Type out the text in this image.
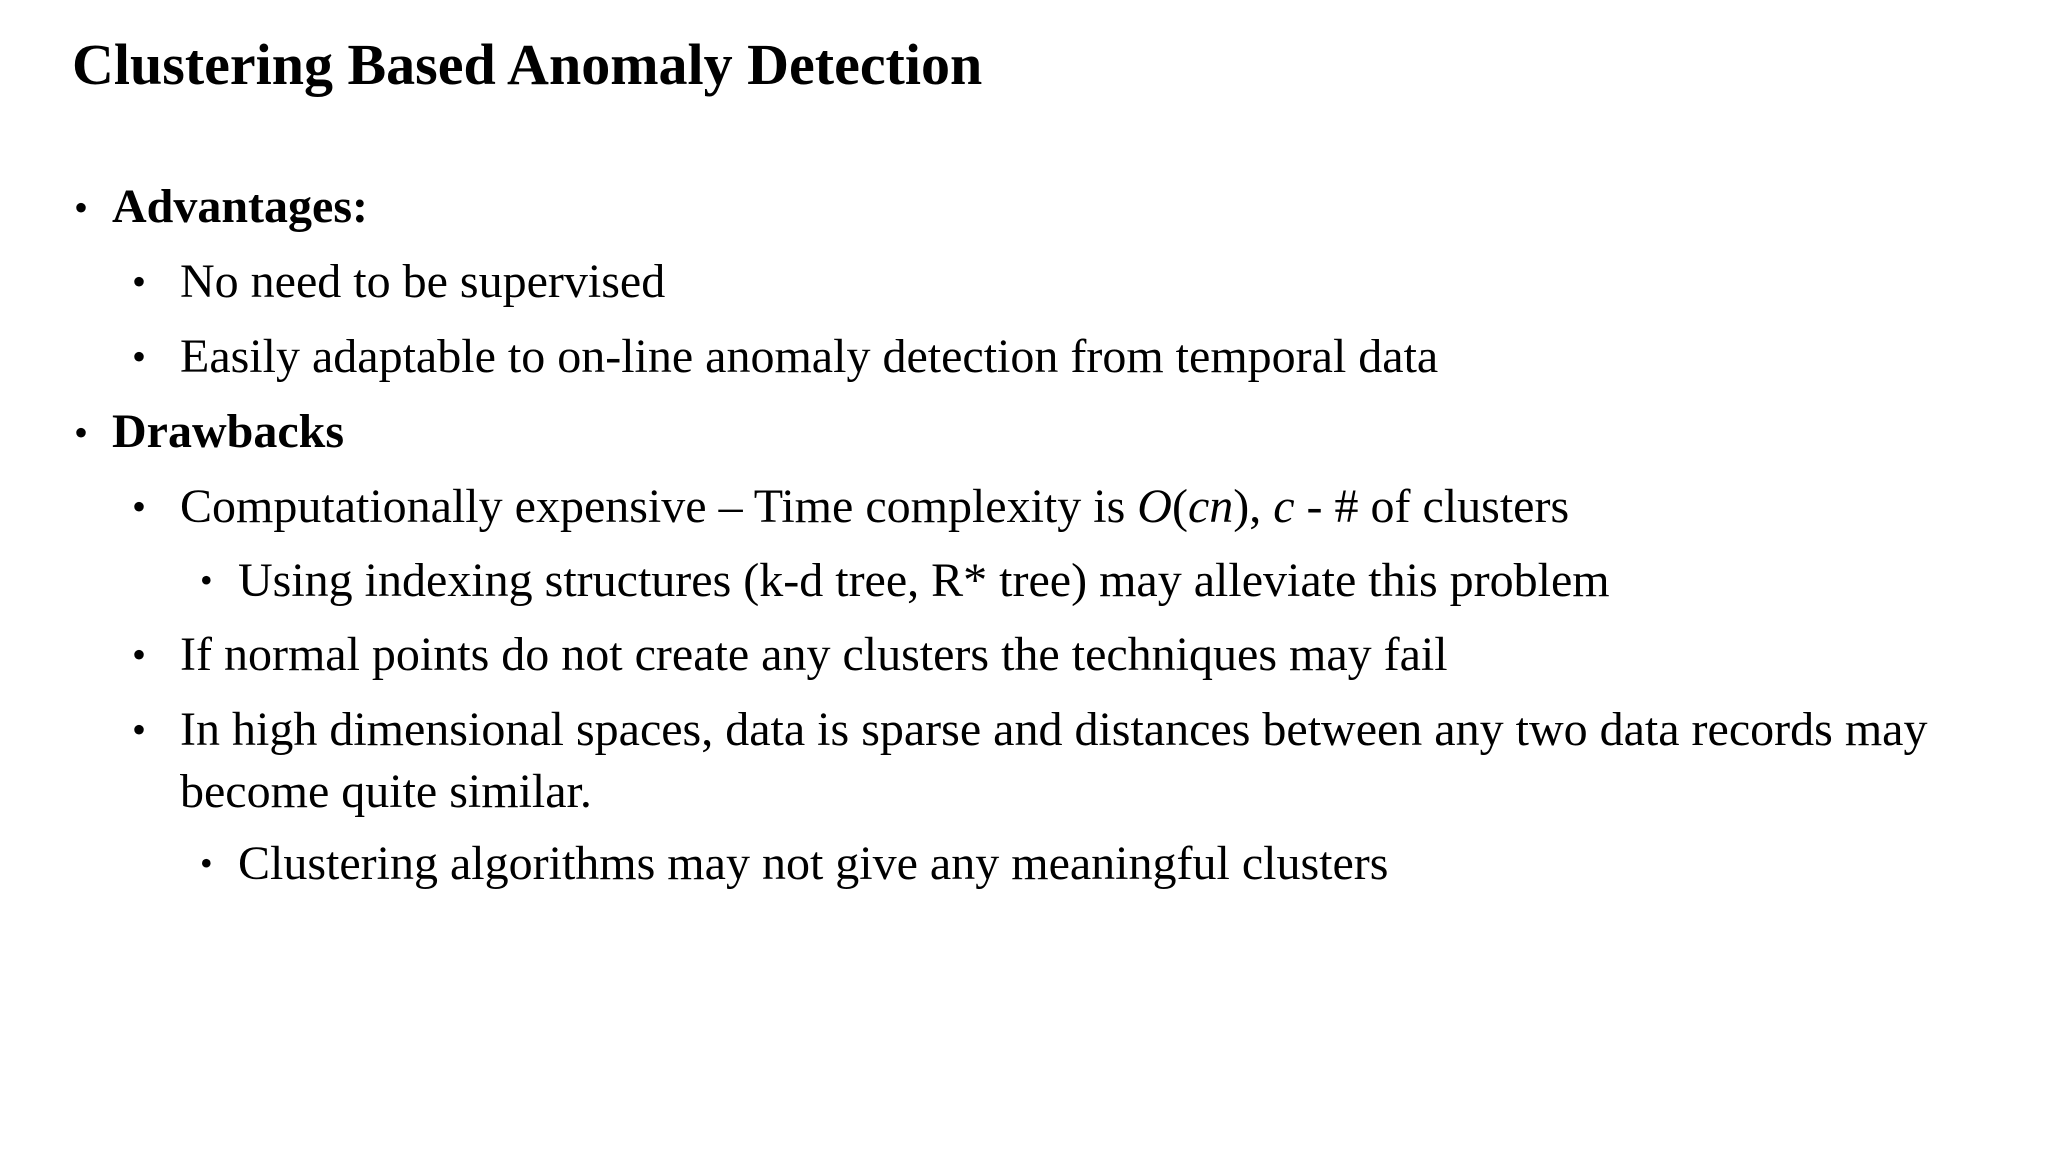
Clustering Based Anomaly Detection
• Advantages:

• No need to be supervised

• Easily adaptable to on-line anomaly detection from temporal data

• Drawbacks

• Computationally expensive – Time complexity is O(cn), c - # of clusters

• Using indexing structures (k-d tree, R* tree) may alleviate this problem

• If normal points do not create any clusters the techniques may fail

• In high dimensional spaces, data is sparse and distances between any two data records may

become quite similar.

• Clustering algorithms may not give any meaningful clusters
